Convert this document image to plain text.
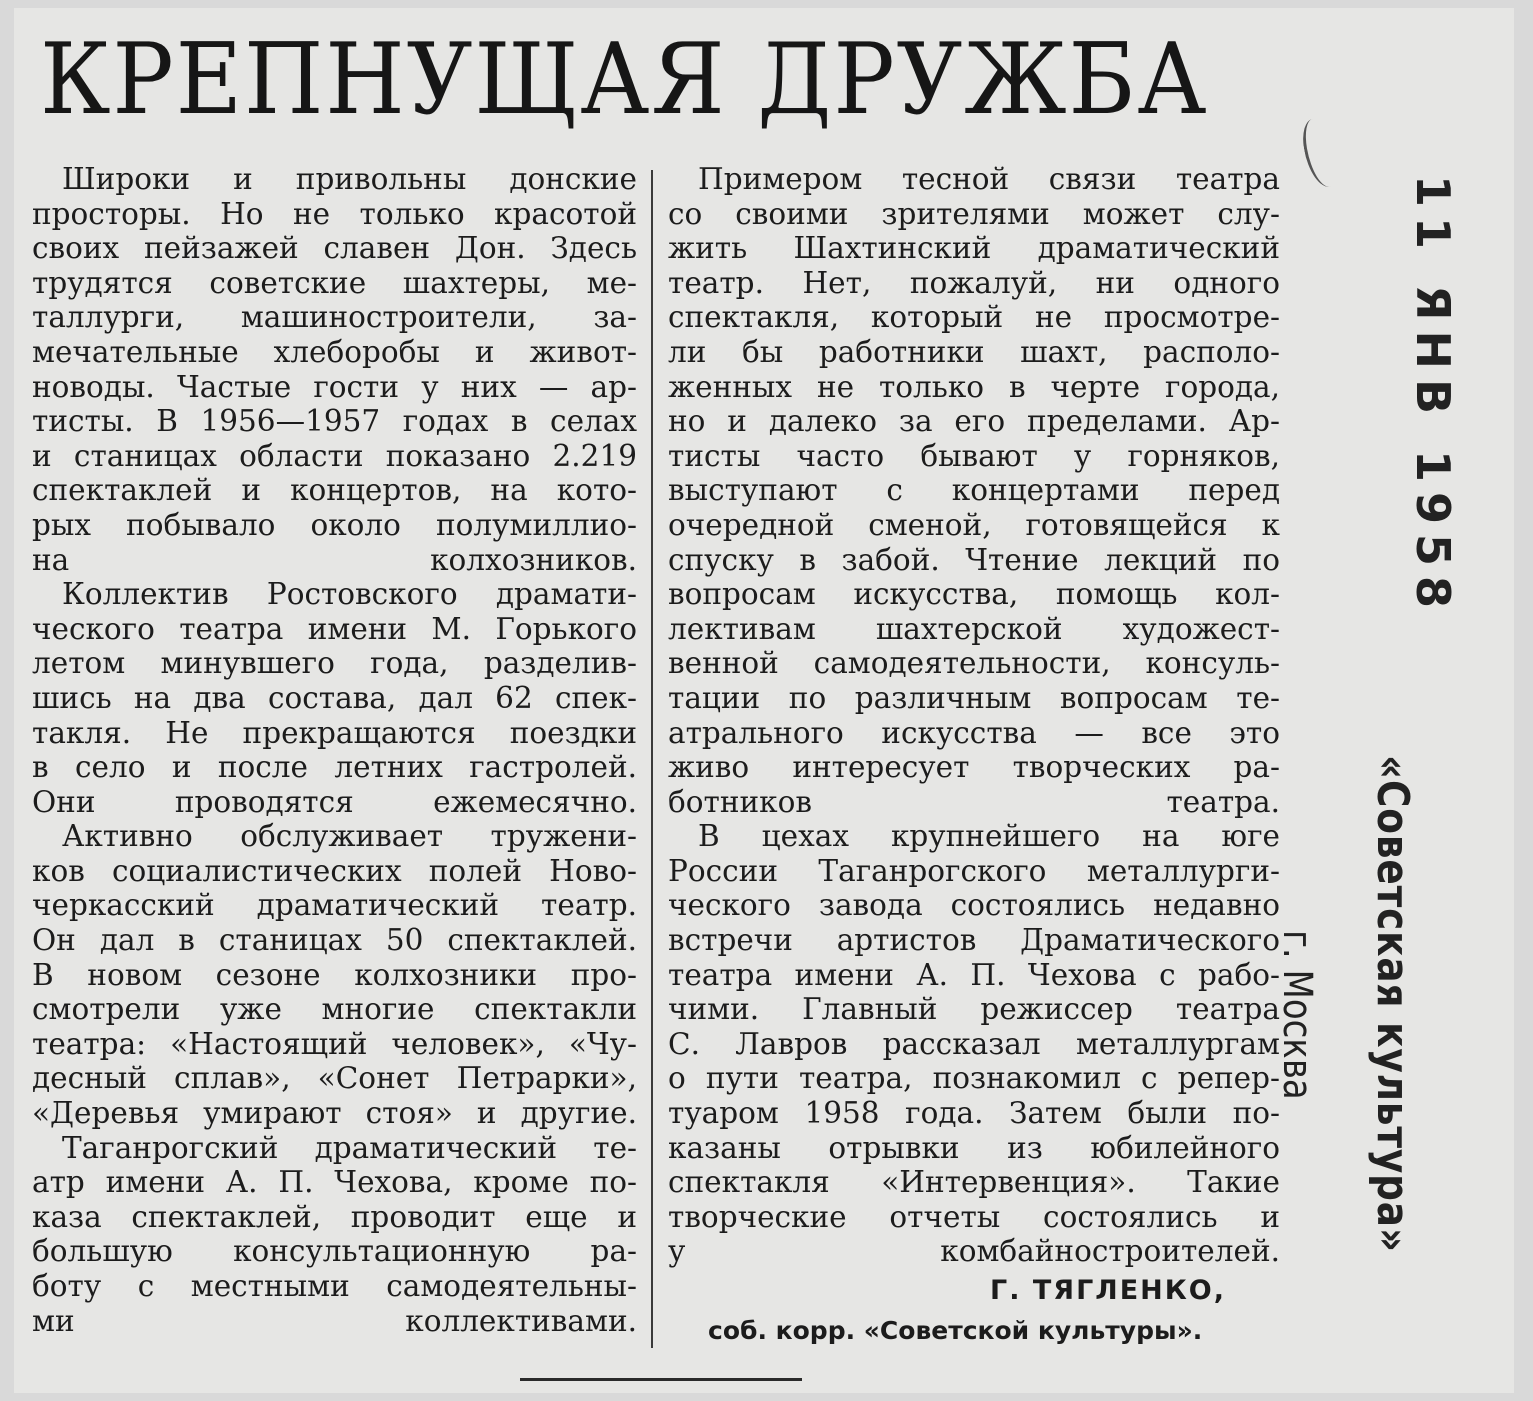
КРЕПНУЩАЯ ДРУЖБА
Широки и привольны донские
просторы. Но не только красотой
своих пейзажей славен Дон. Здесь
трудятся советские шахтеры, ме-
таллурги, машиностроители, за-
мечательные хлеборобы и живот-
новоды. Частые гости у них — ар-
тисты. В 1956—1957 годах в селах
и станицах области показано 2.219
спектаклей и концертов, на кото-
рых побывало около полумиллио-
на колхозников.
Коллектив Ростовского драмати-
ческого театра имени М. Горького
летом минувшего года, разделив-
шись на два состава, дал 62 спек-
такля. Не прекращаются поездки
в село и после летних гастролей.
Они проводятся ежемесячно.
Активно обслуживает тружени-
ков социалистических полей Ново-
черкасский драматический театр.
Он дал в станицах 50 спектаклей.
В новом сезоне колхозники про-
смотрели уже многие спектакли
театра: «Настоящий человек», «Чу-
десный сплав», «Сонет Петрарки»,
«Деревья умирают стоя» и другие.
Таганрогский драматический те-
атр имени А. П. Чехова, кроме по-
каза спектаклей, проводит еще и
большую консультационную ра-
боту с местными самодеятельны-
ми коллективами.
Примером тесной связи театра
со своими зрителями может слу-
жить Шахтинский драматический
театр. Нет, пожалуй, ни одного
спектакля, который не просмотре-
ли бы работники шахт, располо-
женных не только в черте города,
но и далеко за его пределами. Ар-
тисты часто бывают у горняков,
выступают с концертами перед
очередной сменой, готовящейся к
спуску в забой. Чтение лекций по
вопросам искусства, помощь кол-
лективам шахтерской художест-
венной самодеятельности, консуль-
тации по различным вопросам те-
атрального искусства — все это
живо интересует творческих ра-
ботников театра.
В цехах крупнейшего на юге
России Таганрогского металлурги-
ческого завода состоялись недавно
встречи артистов Драматического
театра имени А. П. Чехова с рабо-
чими. Главный режиссер театра
С. Лавров рассказал металлургам
о пути театра, познакомил с репер-
туаром 1958 года. Затем были по-
казаны отрывки из юбилейного
спектакля «Интервенция». Такие
творческие отчеты состоялись и
у комбайностроителей.
Г. ТЯГЛЕНКО,
соб. корр. «Советской культуры».
11 ЯНВ 1958
«Советская культура»
г. Москва
